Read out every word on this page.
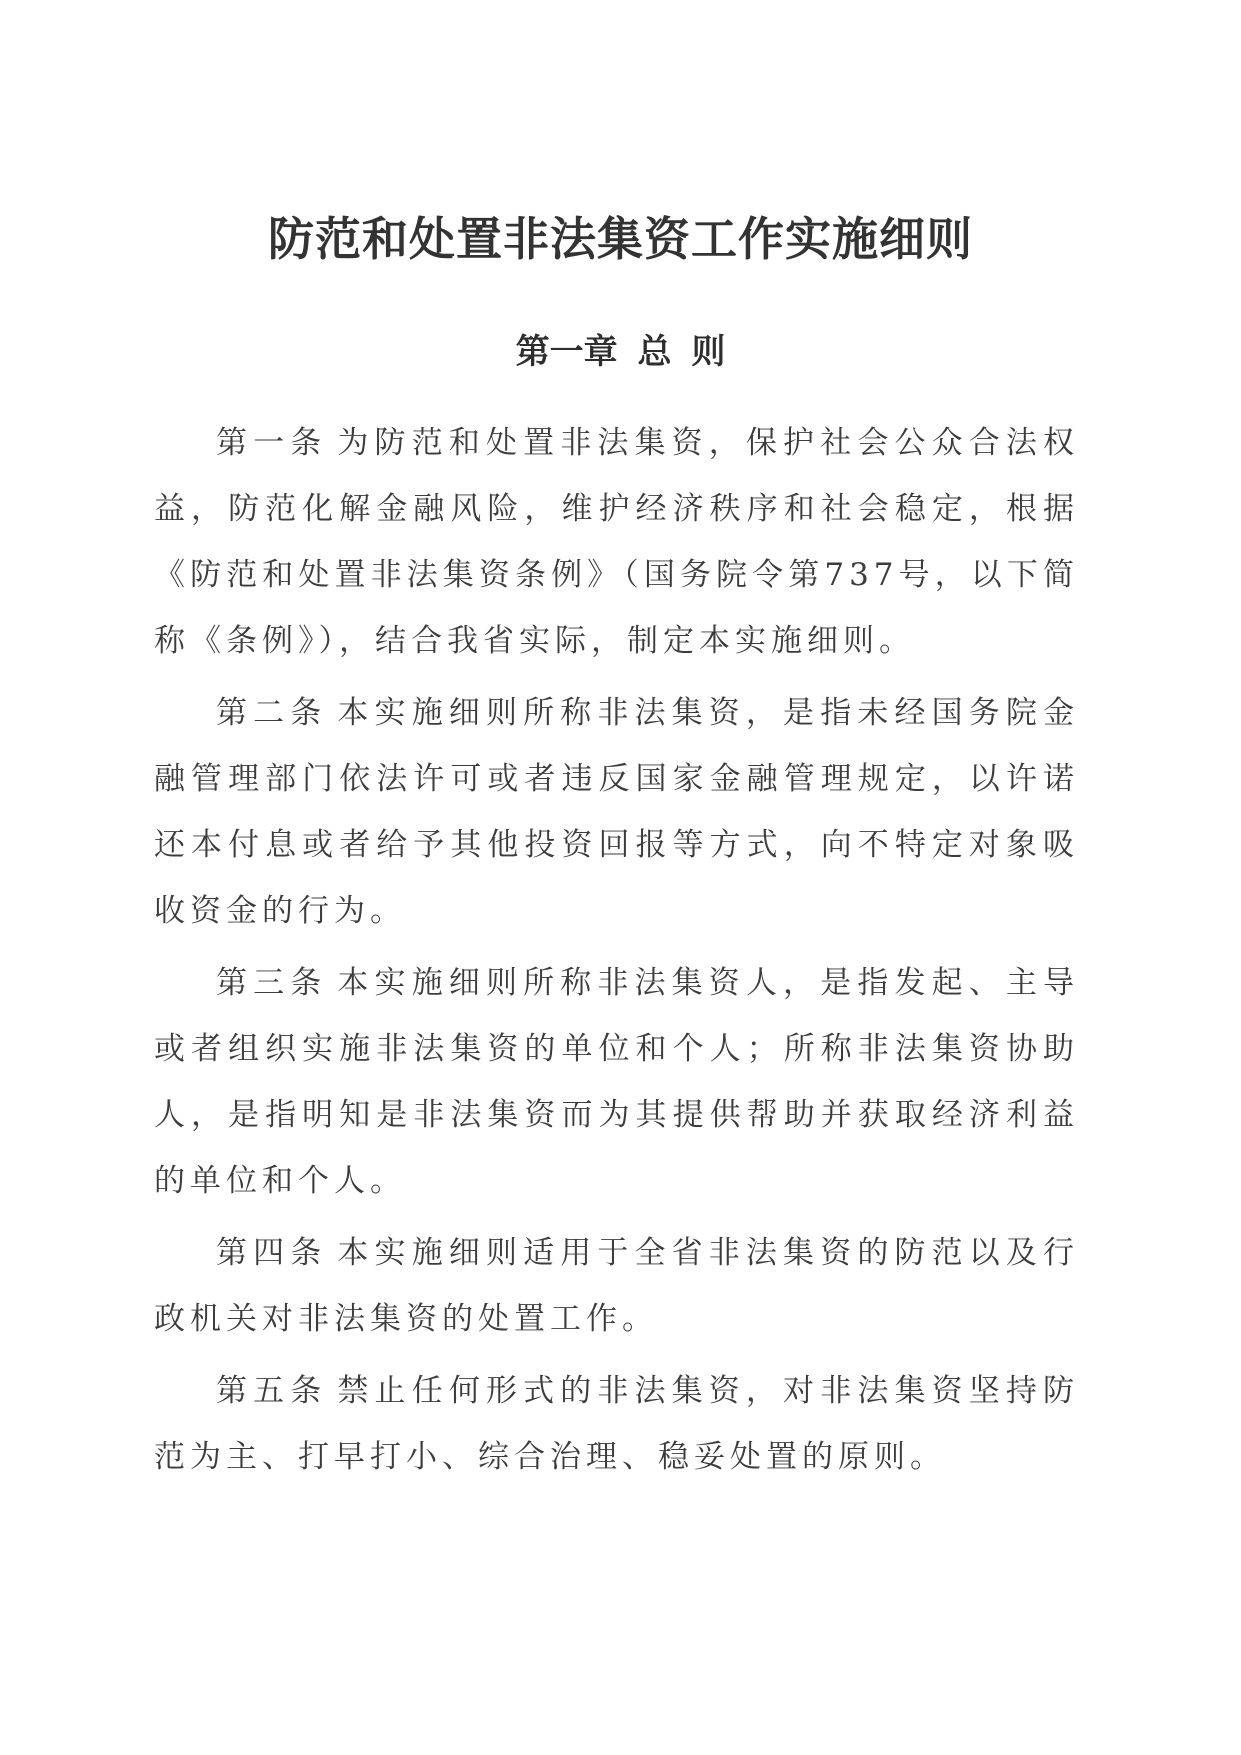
防范和处置非法集资工作实施细则
第一章 总 则

第一条 为防范和处置非法集资，保护社会公众合法权益，防范化解金融风险，维护经济秩序和社会稳定，根据《防范和处置非法集资条例》（国务院令第737号，以下简称《条例》），结合我省实际，制定本实施细则。

第二条 本实施细则所称非法集资，是指未经国务院金融管理部门依法许可或者违反国家金融管理规定，以许诺还本付息或者给予其他投资回报等方式，向不特定对象吸收资金的行为。

第三条 本实施细则所称非法集资人，是指发起、主导或者组织实施非法集资的单位和个人；所称非法集资协助人，是指明知是非法集资而为其提供帮助并获取经济利益的单位和个人。

第四条 本实施细则适用于全省非法集资的防范以及行政机关对非法集资的处置工作。

第五条 禁止任何形式的非法集资，对非法集资坚持防范为主、打早打小、综合治理、稳妥处置的原则。
